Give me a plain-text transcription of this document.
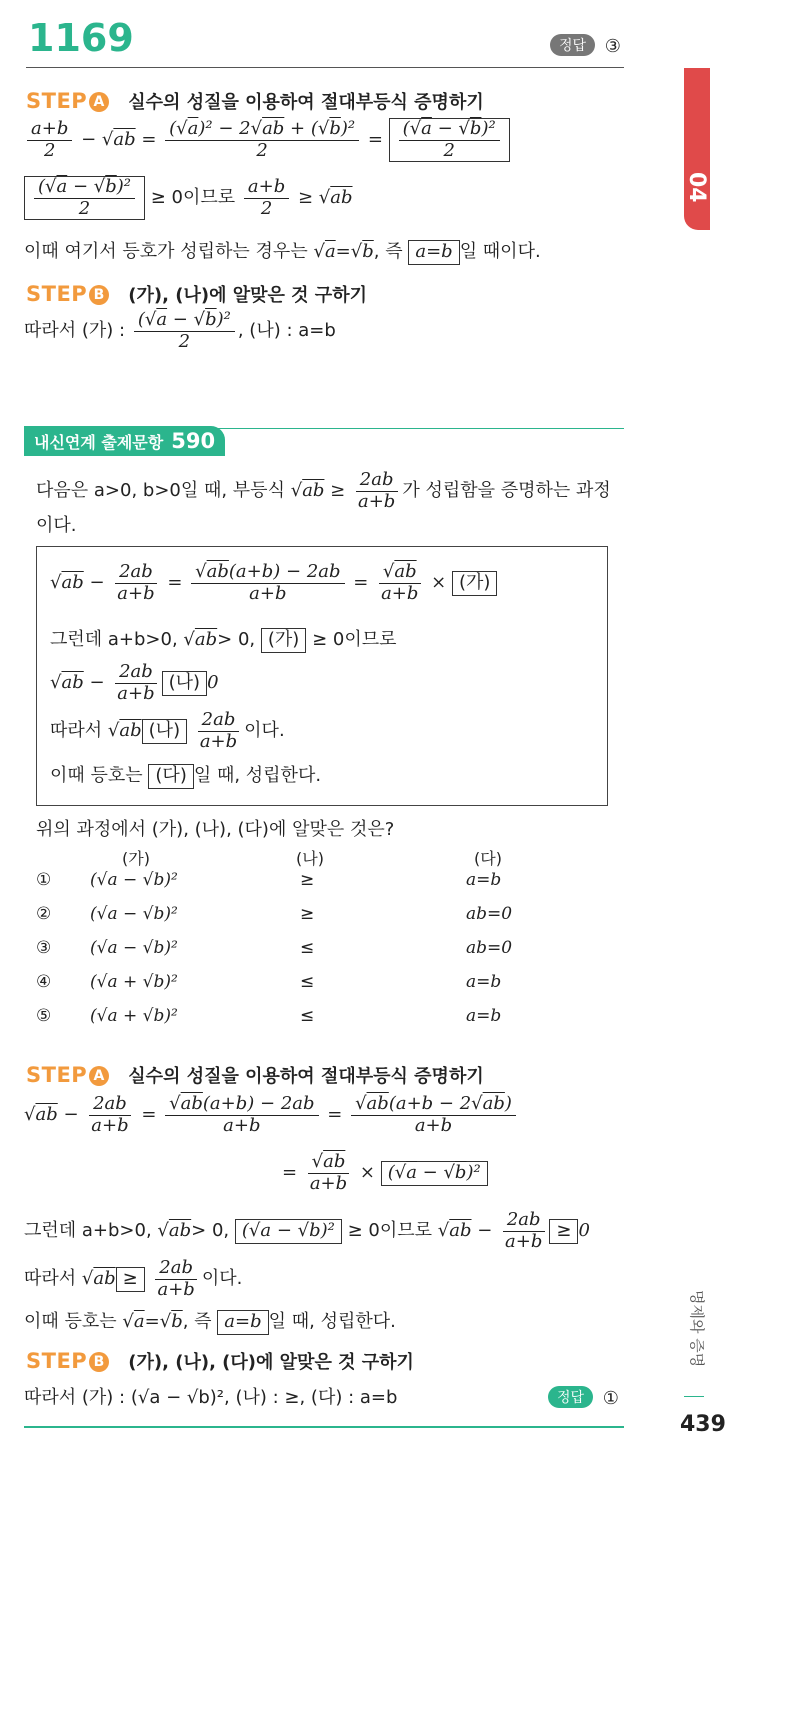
1169	정답 ③
STEP A 실수의 성질을 이용하여 절대부등식 증명하기
$\frac{a+b}{2} - √ab = \frac{\text{(√a)² − 2√ab + (√b)²}}{2} = \frac{\text{(√a − √b)²}}{2}$
$\frac{\text{(√a − √b)²}}{2} \ge 0$이므로 $\frac{a+b}{2} \ge √ab$
이때 여기서 등호가 성립하는 경우는 √a=√b, 즉 a=b 일 때이다.
STEP B (가), (나)에 알맞은 것 구하기
따라서 (가) : $\frac{\text{(√a − √b)²}}{2}$ , (나) : a=b
내신연계 출제문항 590
다음은 a>0, b>0일 때, 부등식 $√ab \ge \frac{2ab}{a+b}$ 가 성립함을 증명하는 과정
이다.
$√ab - \frac{2ab}{a+b} = \frac{√ab(a+b) - 2ab}{a+b} = \frac{√ab}{a+b}$ × (가)
그런데 a+b>0, √ab> 0, (가) ≥ 0이므로
$√ab - \frac{2ab}{a+b}$ (나) 0
따라서 √ab (나) $\frac{2ab}{a+b}$ 이다.
이때 등호는 (다) 일 때, 성립한다.
위의 과정에서 (가), (나), (다)에 알맞은 것은?
(가)	(나)	(다)
① (√a − √b)²	≥	a=b
② (√a − √b)²	≥	ab=0
③ (√a − √b)²	≤	ab=0
④ (√a + √b)²	≤	a=b
⑤ (√a + √b)²	≤	a=b
STEP A 실수의 성질을 이용하여 절대부등식 증명하기
$√ab - \frac{2ab}{a+b} = \frac{√ab(a+b) - 2ab}{a+b} = \frac{√ab(a+b - 2√ab)}{a+b}$
= $\frac{√ab}{a+b} \times (√a - √b)^2$
그런데 a+b>0, √ab> 0, (√a − √b)² ≥ 0이므로 $√ab - \frac{2ab}{a+b} \ge 0$
따라서 $√ab \ge \frac{2ab}{a+b}$ 이다.
이때 등호는 √a=√b, 즉 a=b 일 때, 성립한다.
STEP B (가), (나), (다)에 알맞은 것 구하기
따라서 (가) : (√a − √b)², (나) : ≥, (다) : a=b	정답 ①
04
명제와 증명
439
